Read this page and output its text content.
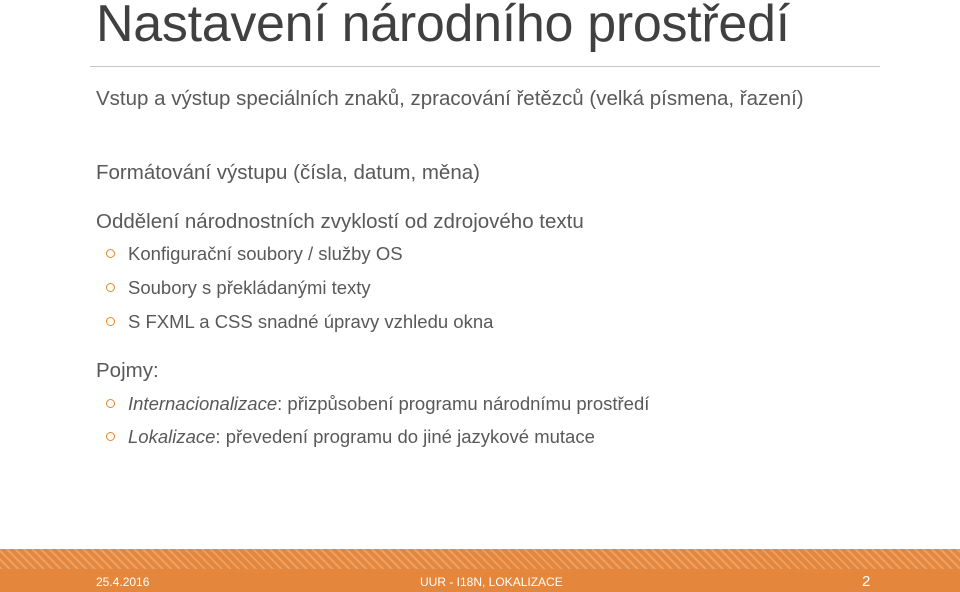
Nastavení národního prostředí

Vstup a výstup speciálních znaků, zpracování řetězců (velká písmena, řazení)

Formátování výstupu (čísla, datum, měna)

Oddělení národnostních zvyklostí od zdrojového textu

Konfigurační soubory / služby OS

Soubory s překládanými texty

S FXML a CSS snadné úpravy vzhledu okna

Pojmy:

Internacionalizace: přizpůsobení programu národnímu prostředí

Lokalizace: převedení programu do jiné jazykové mutace

25.4.2016	UUR - I18N, LOKALIZACE	2
